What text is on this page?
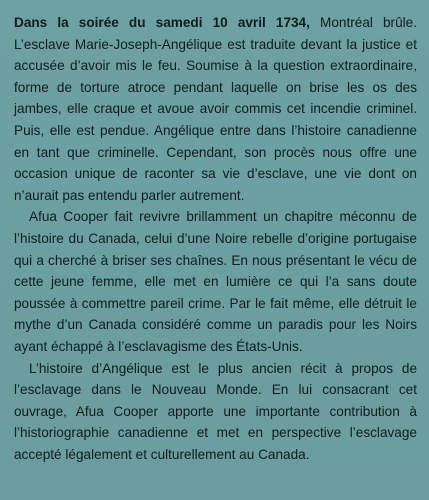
Dans la soirée du samedi 10 avril 1734, Montréal brûle. L’esclave Marie-Joseph-Angélique est traduite devant la justice et accusée d’avoir mis le feu. Soumise à la question extraordinaire, forme de torture atroce pendant laquelle on brise les os des jambes, elle craque et avoue avoir commis cet incendie criminel. Puis, elle est pendue. Angélique entre dans l’histoire canadienne en tant que criminelle. Cependant, son procès nous offre une occasion unique de raconter sa vie d’esclave, une vie dont on n’aurait pas entendu parler autrement.

Afua Cooper fait revivre brillamment un chapitre méconnu de l’histoire du Canada, celui d’une Noire rebelle d’origine portugaise qui a cherché à briser ses chaînes. En nous présentant le vécu de cette jeune femme, elle met en lumière ce qui l’a sans doute poussée à commettre pareil crime. Par le fait même, elle détruit le mythe d’un Canada considéré comme un paradis pour les Noirs ayant échappé à l’esclavagisme des États-Unis.

L’histoire d’Angélique est le plus ancien récit à propos de l’esclavage dans le Nouveau Monde. En lui consacrant cet ouvrage, Afua Cooper apporte une importante contribution à l’historiographie canadienne et met en perspective l’esclavage accepté légalement et culturellement au Canada.
